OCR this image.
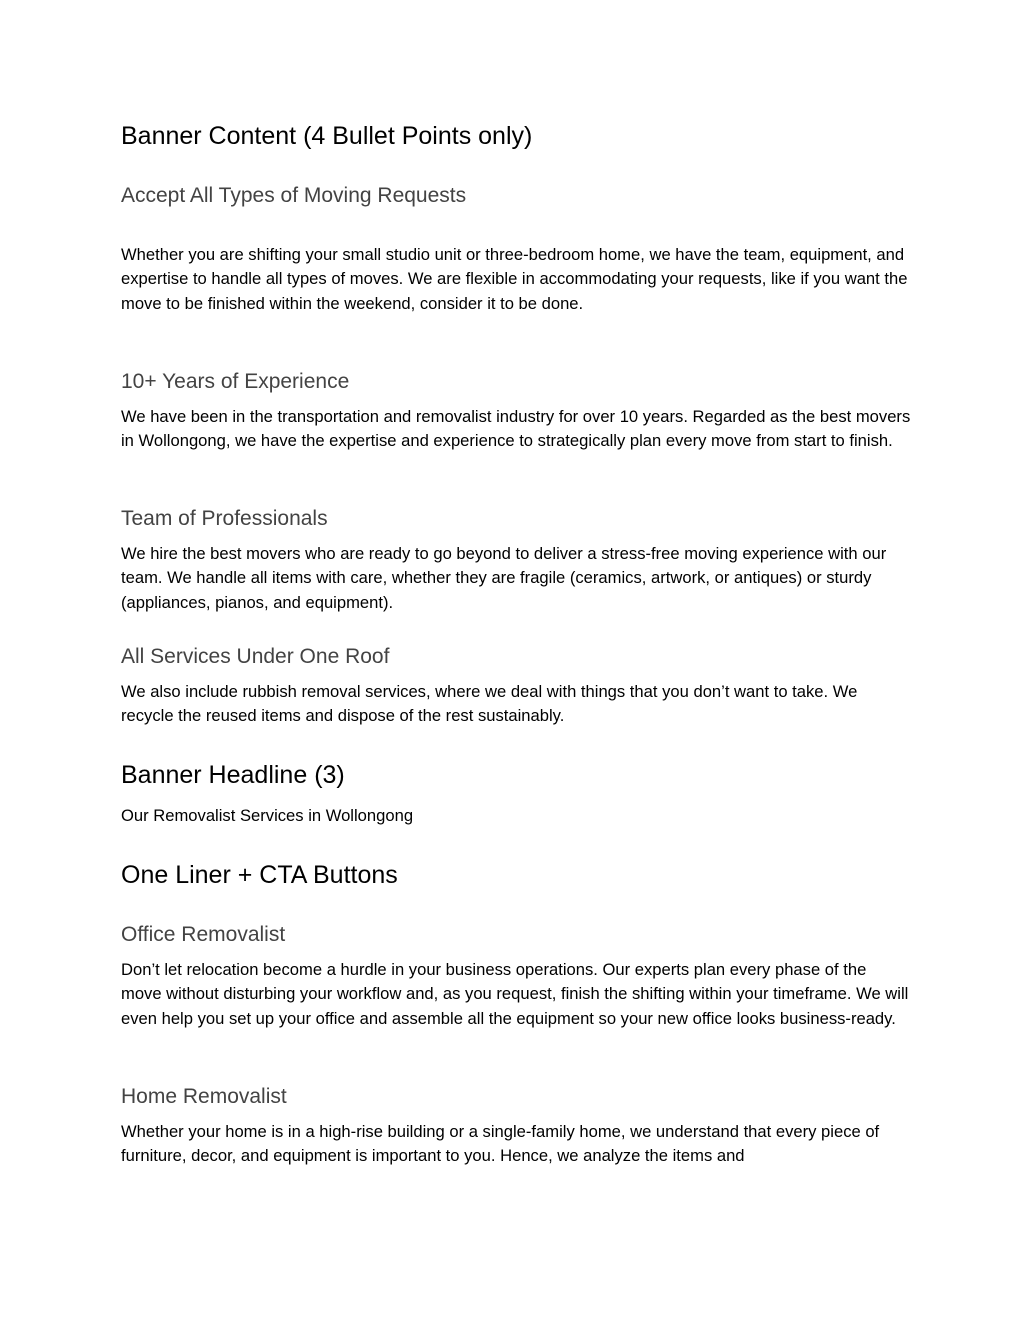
Banner Content (4 Bullet Points only)
Accept All Types of Moving Requests

Whether you are shifting your small studio unit or three-bedroom home, we have the team, equipment, and expertise to handle all types of moves. We are flexible in accommodating your requests, like if you want the move to be finished within the weekend, consider it to be done.

10+ Years of Experience

We have been in the transportation and removalist industry for over 10 years. Regarded as the best movers in Wollongong, we have the expertise and experience to strategically plan every move from start to finish.

Team of Professionals

We hire the best movers who are ready to go beyond to deliver a stress-free moving experience with our team. We handle all items with care, whether they are fragile (ceramics, artwork, or antiques) or sturdy (appliances, pianos, and equipment).

All Services Under One Roof

We also include rubbish removal services, where we deal with things that you don’t want to take. We recycle the reused items and dispose of the rest sustainably.

Banner Headline (3)

Our Removalist Services in Wollongong

One Liner + CTA Buttons
Office Removalist

Don’t let relocation become a hurdle in your business operations. Our experts plan every phase of the move without disturbing your workflow and, as you request, finish the shifting within your timeframe. We will even help you set up your office and assemble all the equipment so your new office looks business-ready.

Home Removalist

Whether your home is in a high-rise building or a single-family home, we understand that every piece of furniture, decor, and equipment is important to you. Hence, we analyze the items and
